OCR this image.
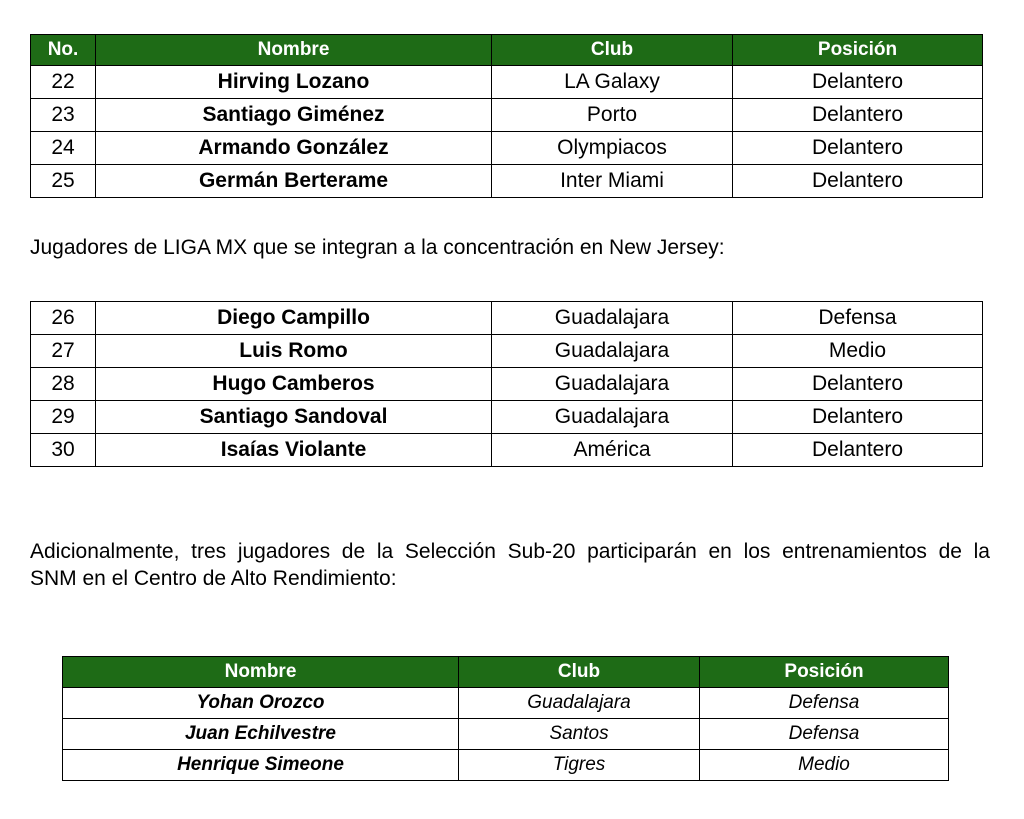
No.	Nombre	Club	Posición
22	Hirving Lozano	LA Galaxy	Delantero
23	Santiago Giménez	Porto	Delantero
24	Armando González	Olympiacos	Delantero
25	Germán Berterame	Inter Miami	Delantero

Jugadores de LIGA MX que se integran a la concentración en New Jersey:

26	Diego Campillo	Guadalajara	Defensa
27	Luis Romo	Guadalajara	Medio
28	Hugo Camberos	Guadalajara	Delantero
29	Santiago Sandoval	Guadalajara	Delantero
30	Isaías Violante	América	Delantero

Adicionalmente, tres jugadores de la Selección Sub-20 participarán en los entrenamientos de la
SNM en el Centro de Alto Rendimiento:

Nombre	Club	Posición
Yohan Orozco	Guadalajara	Defensa
Juan Echilvestre	Santos	Defensa
Henrique Simeone	Tigres	Medio
